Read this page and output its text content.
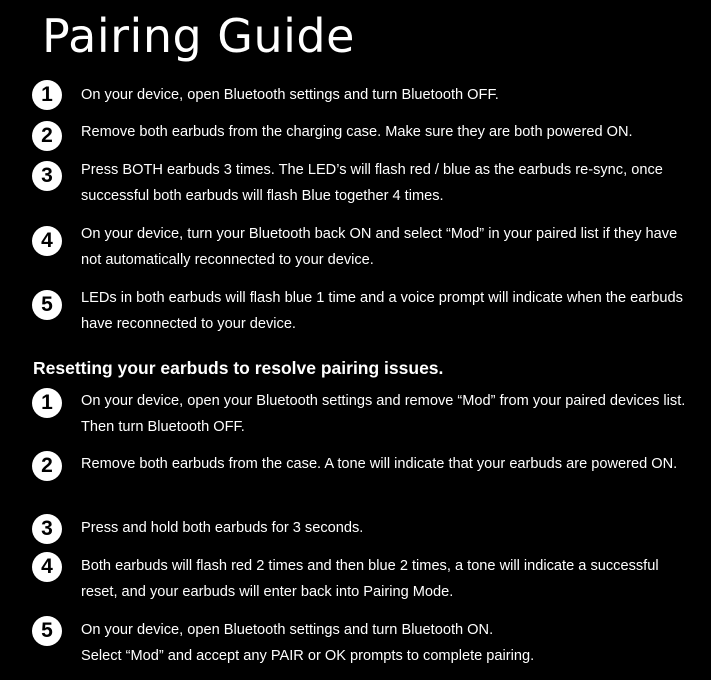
Pairing Guide
1	On your device, open Bluetooth settings and turn Bluetooth OFF.
2	Remove both earbuds from the charging case. Make sure they are both powered ON.
3	Press BOTH earbuds 3 times. The LED’s will flash red / blue as the earbuds re-sync, once successful both earbuds will flash Blue together 4 times.
4	On your device, turn your Bluetooth back ON and select “Mod” in your paired list if they have not automatically reconnected to your device.
5	LEDs in both earbuds will flash blue 1 time and a voice prompt will indicate when the earbuds have reconnected to your device.
Resetting your earbuds to resolve pairing issues.
1	On your device, open your Bluetooth settings and remove “Mod” from your paired devices list. Then turn Bluetooth OFF.
2	Remove both earbuds from the case. A tone will indicate that your earbuds are powered ON.
3	Press and hold both earbuds for 3 seconds.
4	Both earbuds will flash red 2 times and then blue 2 times, a tone will indicate a successful reset, and your earbuds will enter back into Pairing Mode.
5	On your device, open Bluetooth settings and turn Bluetooth ON.
Select “Mod” and accept any PAIR or OK prompts to complete pairing.
